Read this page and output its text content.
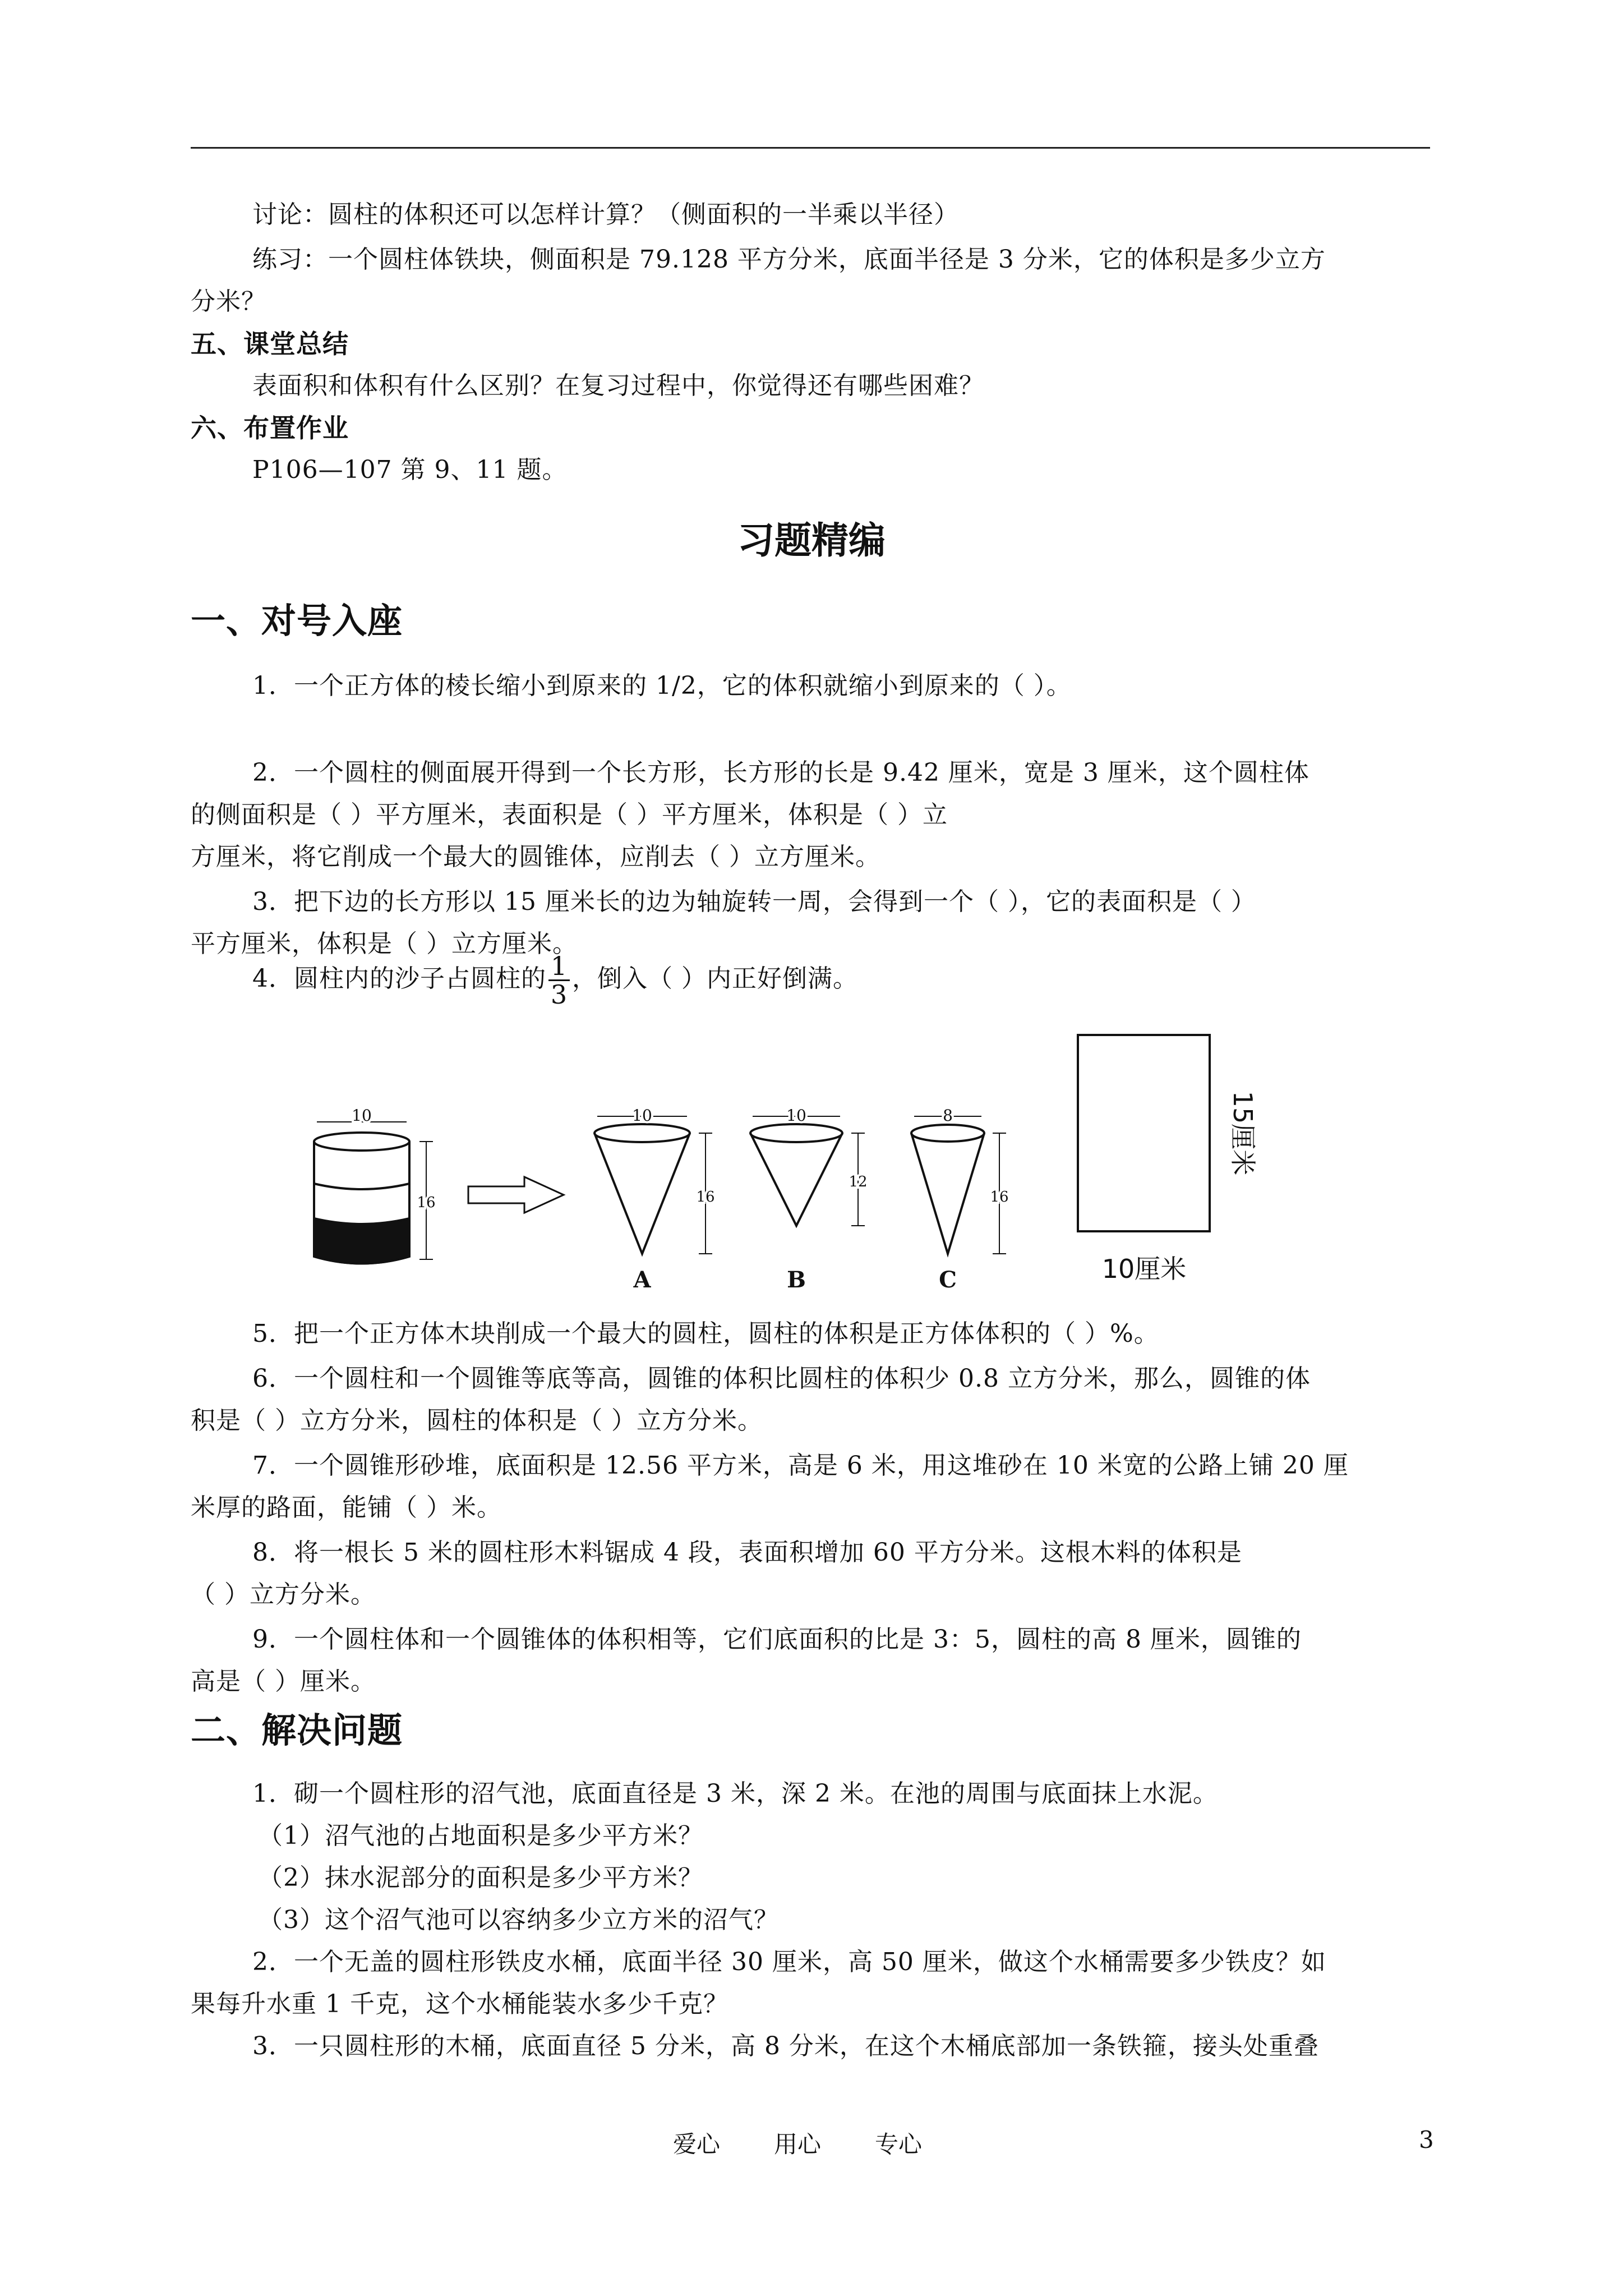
讨论：圆柱的体积还可以怎样计算？（侧面积的一半乘以半径）
练习：一个圆柱体铁块，侧面积是 79.128 平方分米，底面半径是 3 分米，它的体积是多少立方
分米？
五、课堂总结
表面积和体积有什么区别？在复习过程中，你觉得还有哪些困难？
六、布置作业
P106—107 第 9、11 题。
习题精编
一、对号入座
1．一个正方体的棱长缩小到原来的 1/2，它的体积就缩小到原来的（ ）。
2．一个圆柱的侧面展开得到一个长方形，长方形的长是 9.42 厘米，宽是 3 厘米，这个圆柱体
的侧面积是（ ）平方厘米，表面积是（ ）平方厘米，体积是（ ）立
方厘米，将它削成一个最大的圆锥体，应削去（ ）立方厘米。
3．把下边的长方形以 15 厘米长的边为轴旋转一周，会得到一个（ ），它的表面积是（ ）
平方厘米，体积是（ ）立方厘米。
4．圆柱内的沙子占圆柱的 $\frac{1}{3}$ ，倒入（ ）内正好倒满。
10
16
10
16
A
10
12
B
8
16
C
15厘米
10厘米
5．把一个正方体木块削成一个最大的圆柱，圆柱的体积是正方体体积的（ ）%。
6．一个圆柱和一个圆锥等底等高，圆锥的体积比圆柱的体积少 0.8 立方分米，那么，圆锥的体
积是（ ）立方分米，圆柱的体积是（ ）立方分米。
7．一个圆锥形砂堆，底面积是 12.56 平方米，高是 6 米，用这堆砂在 10 米宽的公路上铺 20 厘
米厚的路面，能铺（ ）米。
8．将一根长 5 米的圆柱形木料锯成 4 段，表面积增加 60 平方分米。这根木料的体积是
（ ）立方分米。
9．一个圆柱体和一个圆锥体的体积相等，它们底面积的比是 3：5，圆柱的高 8 厘米，圆锥的
高是（ ）厘米。
二、解决问题
1．砌一个圆柱形的沼气池，底面直径是 3 米，深 2 米。在池的周围与底面抹上水泥。
（1）沼气池的占地面积是多少平方米？
（2）抹水泥部分的面积是多少平方米？
（3）这个沼气池可以容纳多少立方米的沼气？
2．一个无盖的圆柱形铁皮水桶，底面半径 30 厘米，高 50 厘米，做这个水桶需要多少铁皮？如
果每升水重 1 千克，这个水桶能装水多少千克？
3．一只圆柱形的木桶，底面直径 5 分米，高 8 分米，在这个木桶底部加一条铁箍，接头处重叠
爱心 用心 专心	3
